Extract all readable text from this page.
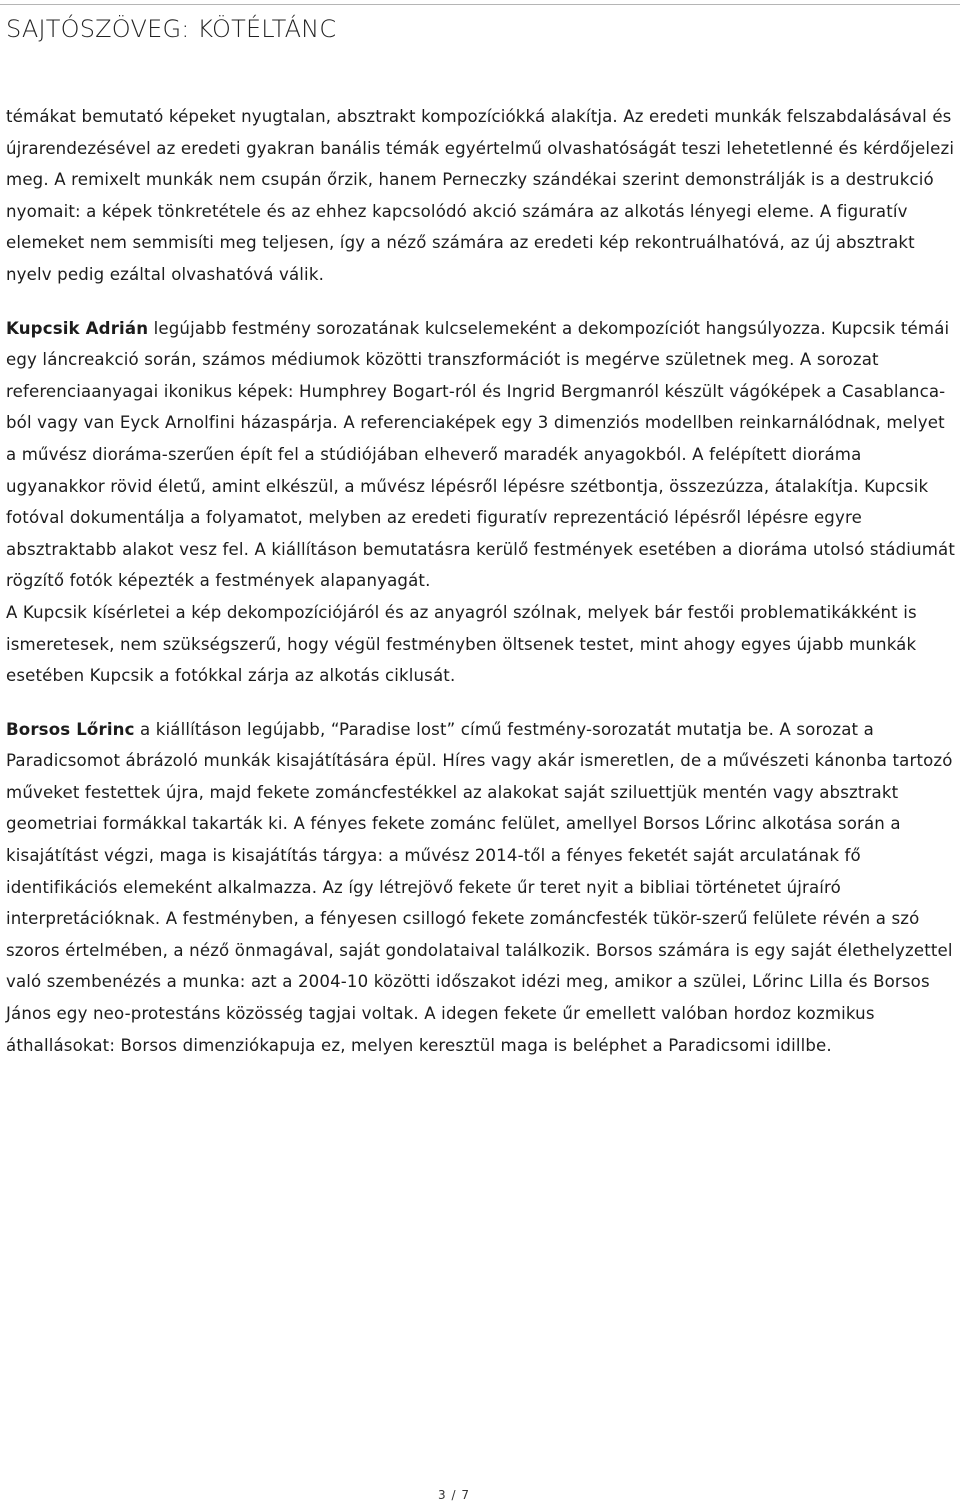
SAJTÓSZÖVEG: KÖTÉLTÁNC

témákat bemutató képeket nyugtalan, absztrakt kompozíciókká alakítja. Az eredeti munkák felszabdalásával és újrarendezésével az eredeti gyakran banális témák egyértelmű olvashatóságát teszi lehetetlenné és kérdőjelezi meg. A remixelt munkák nem csupán őrzik, hanem Perneczky szándékai szerint demonstrálják is a destrukció nyomait: a képek tönkretétele és az ehhez kapcsolódó akció számára az alkotás lényegi eleme. A figuratív elemeket nem semmisíti meg teljesen, így a néző számára az eredeti kép rekontruálhatóvá, az új absztrakt nyelv pedig ezáltal olvashatóvá válik.

Kupcsik Adrián legújabb festmény sorozatának kulcselemeként a dekompozíciót hangsúlyozza. Kupcsik témái egy láncreakció során, számos médiumok közötti transzformációt is megérve születnek meg. A sorozat referenciaanyagai ikonikus képek: Humphrey Bogart-ról és Ingrid Bergmanról készült vágóképek a Casablanca-ból vagy van Eyck Arnolfini házaspárja. A referenciaképek egy 3 dimenziós modellben reinkarnálódnak, melyet a művész dioráma-szerűen épít fel a stúdiójában elheverő maradék anyagokból. A felépített dioráma ugyanakkor rövid életű, amint elkészül, a művész lépésről lépésre szétbontja, összezúzza, átalakítja. Kupcsik fotóval dokumentálja a folyamatot, melyben az eredeti figuratív reprezentáció lépésről lépésre egyre absztraktabb alakot vesz fel. A kiállításon bemutatásra kerülő festmények esetében a dioráma utolsó stádiumát rögzítő fotók képezték a festmények alapanyagát.

A Kupcsik kísérletei a kép dekompozíciójáról és az anyagról szólnak, melyek bár festői problematikákként is ismeretesek, nem szükségszerű, hogy végül festményben öltsenek testet, mint ahogy egyes újabb munkák esetében Kupcsik a fotókkal zárja az alkotás ciklusát.

Borsos Lőrinc a kiállításon legújabb, “Paradise lost” című festmény-sorozatát mutatja be. A sorozat a Paradicsomot ábrázoló munkák kisajátítására épül. Híres vagy akár ismeretlen, de a művészeti kánonba tartozó műveket festettek újra, majd fekete zománcfestékkel az alakokat saját sziluettjük mentén vagy absztrakt geometriai formákkal takarták ki. A fényes fekete zománc felület, amellyel Borsos Lőrinc alkotása során a kisajátítást végzi, maga is kisajátítás tárgya: a művész 2014-től a fényes feketét saját arculatának fő identifikációs elemeként alkalmazza. Az így létrejövő fekete űr teret nyit a bibliai történetet újraíró interpretációknak. A festményben, a fényesen csillogó fekete zománcfesték tükör-szerű felülete révén a szó szoros értelmében, a néző önmagával, saját gondolataival találkozik. Borsos számára is egy saját élethelyzettel való szembenézés a munka: azt a 2004-10 közötti időszakot idézi meg, amikor a szülei, Lőrinc Lilla és Borsos János egy neo-protestáns közösség tagjai voltak. A idegen fekete űr emellett valóban hordoz kozmikus áthallásokat: Borsos dimenziókapuja ez, melyen keresztül maga is beléphet a Paradicsomi idillbe.

3 / 7
